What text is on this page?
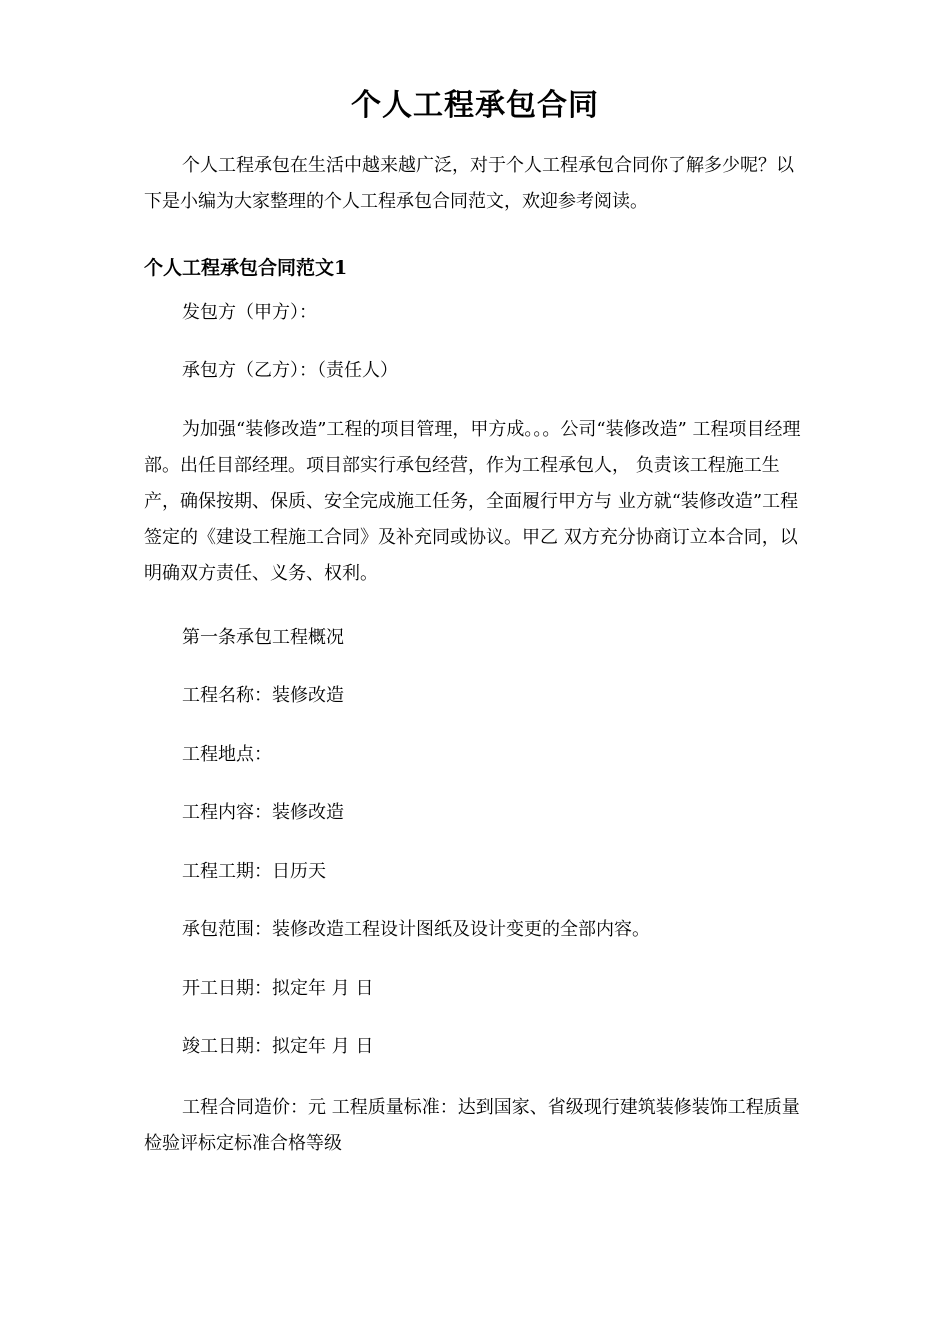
个人工程承包合同

个人工程承包在生活中越来越广泛，对于个人工程承包合同你了解多少呢？以下是小编为大家整理的个人工程承包合同范文，欢迎参考阅读。

个人工程承包合同范文1

发包方（甲方）：

承包方（乙方）：（责任人）

为加强“装修改造”工程的项目管理，甲方成。。。公司“装修改造” 工程项目经理部。出任目部经理。项目部实行承包经营，作为工程承包人， 负责该工程施工生产，确保按期、保质、安全完成施工任务，全面履行甲方与 业方就“装修改造”工程签定的《建设工程施工合同》及补充同或协议。甲乙 双方充分协商订立本合同，以明确双方责任、义务、权利。

第一条承包工程概况

工程名称：装修改造

工程地点：

工程内容：装修改造

工程工期：日历天

承包范围：装修改造工程设计图纸及设计变更的全部内容。

开工日期：拟定年 月 日

竣工日期：拟定年 月 日

工程合同造价：元 工程质量标准：达到国家、省级现行建筑装修装饰工程质量检验评标定标准合格等级
